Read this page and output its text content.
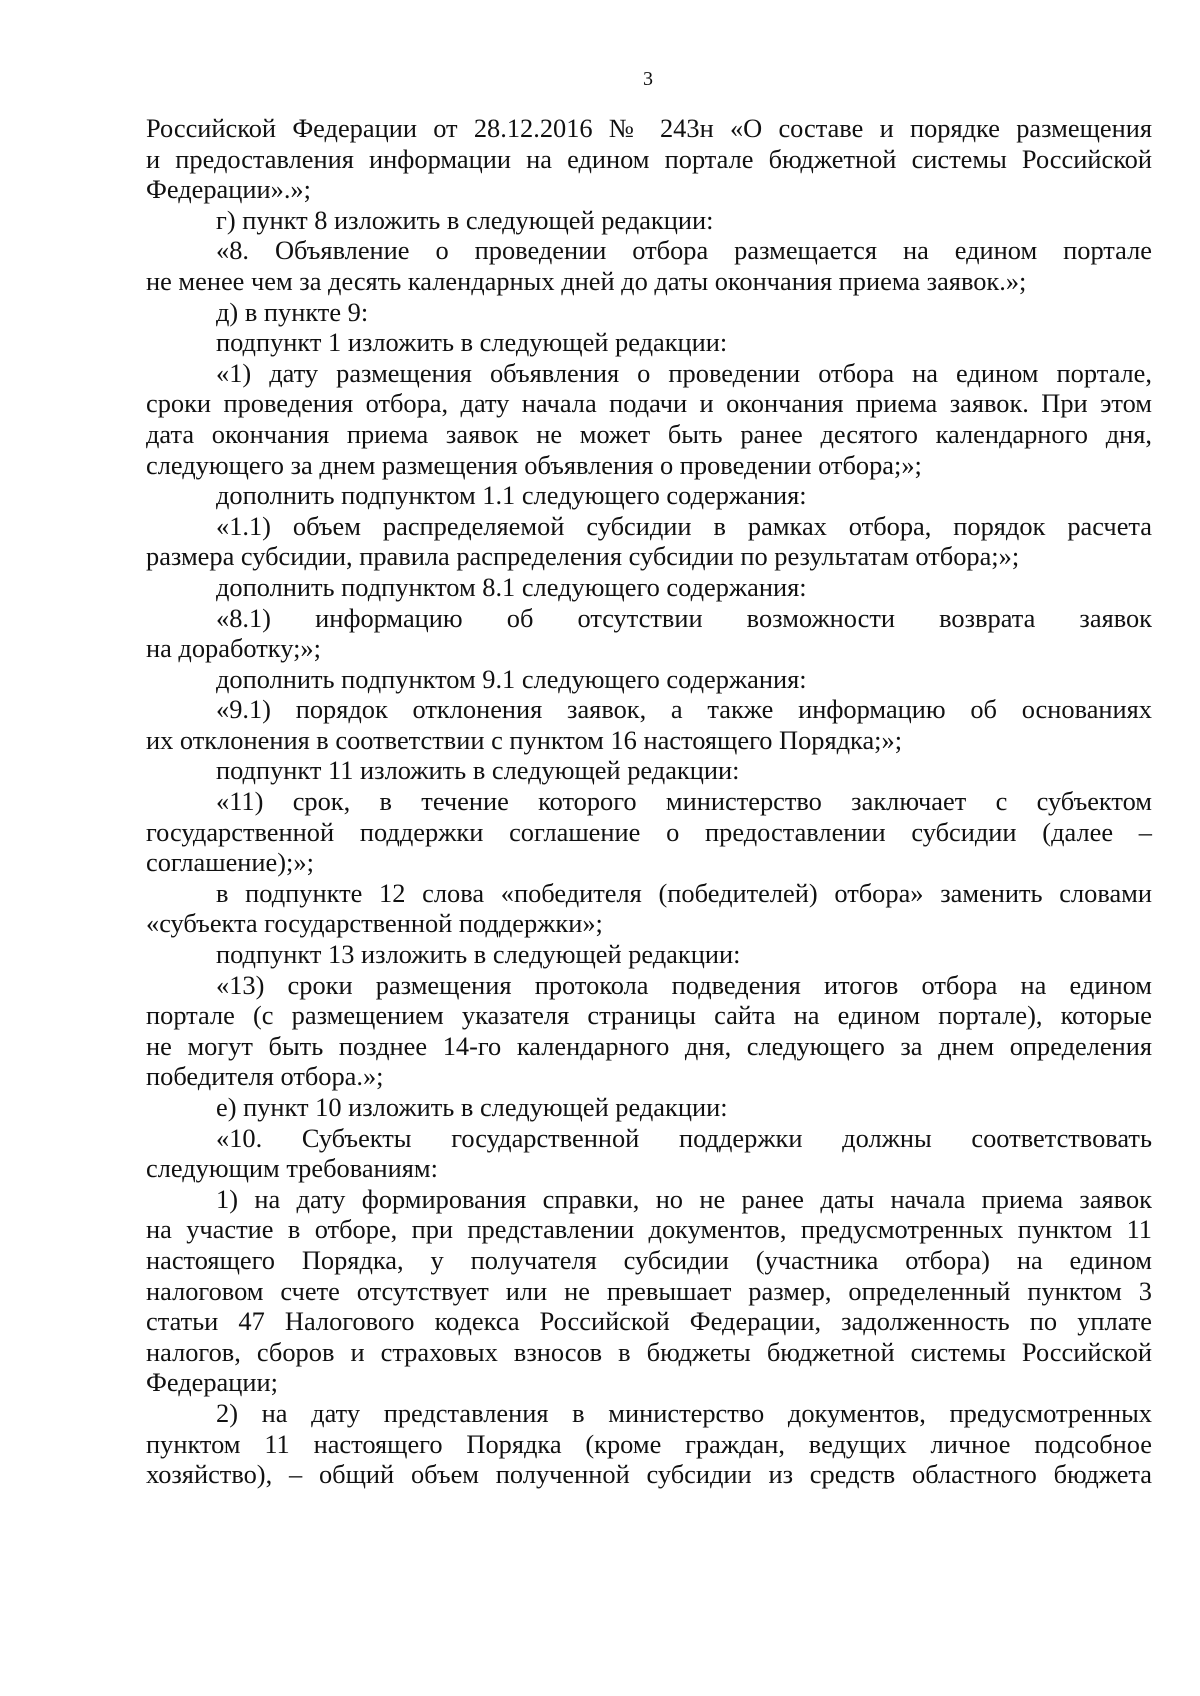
3
Российской Федерации от 28.12.2016 № 243н «О составе и порядке размещения
и предоставления информации на едином портале бюджетной системы Российской
Федерации».»;
г) пункт 8 изложить в следующей редакции:
«8. Объявление о проведении отбора размещается на едином портале
не менее чем за десять календарных дней до даты окончания приема заявок.»;
д) в пункте 9:
подпункт 1 изложить в следующей редакции:
«1) дату размещения объявления о проведении отбора на едином портале,
сроки проведения отбора, дату начала подачи и окончания приема заявок. При этом
дата окончания приема заявок не может быть ранее десятого календарного дня,
следующего за днем размещения объявления о проведении отбора;»;
дополнить подпунктом 1.1 следующего содержания:
«1.1) объем распределяемой субсидии в рамках отбора, порядок расчета
размера субсидии, правила распределения субсидии по результатам отбора;»;
дополнить подпунктом 8.1 следующего содержания:
«8.1) информацию об отсутствии возможности возврата заявок
на доработку;»;
дополнить подпунктом 9.1 следующего содержания:
«9.1) порядок отклонения заявок, а также информацию об основаниях
их отклонения в соответствии с пунктом 16 настоящего Порядка;»;
подпункт 11 изложить в следующей редакции:
«11) срок, в течение которого министерство заключает с субъектом
государственной поддержки соглашение о предоставлении субсидии (далее –
соглашение);»;
в подпункте 12 слова «победителя (победителей) отбора» заменить словами
«субъекта государственной поддержки»;
подпункт 13 изложить в следующей редакции:
«13) сроки размещения протокола подведения итогов отбора на едином
портале (с размещением указателя страницы сайта на едином портале), которые
не могут быть позднее 14-го календарного дня, следующего за днем определения
победителя отбора.»;
е) пункт 10 изложить в следующей редакции:
«10. Субъекты государственной поддержки должны соответствовать
следующим требованиям:
1) на дату формирования справки, но не ранее даты начала приема заявок
на участие в отборе, при представлении документов, предусмотренных пунктом 11
настоящего Порядка, у получателя субсидии (участника отбора) на едином
налоговом счете отсутствует или не превышает размер, определенный пунктом 3
статьи 47 Налогового кодекса Российской Федерации, задолженность по уплате
налогов, сборов и страховых взносов в бюджеты бюджетной системы Российской
Федерации;
2) на дату представления в министерство документов, предусмотренных
пунктом 11 настоящего Порядка (кроме граждан, ведущих личное подсобное
хозяйство), – общий объем полученной субсидии из средств областного бюджета
